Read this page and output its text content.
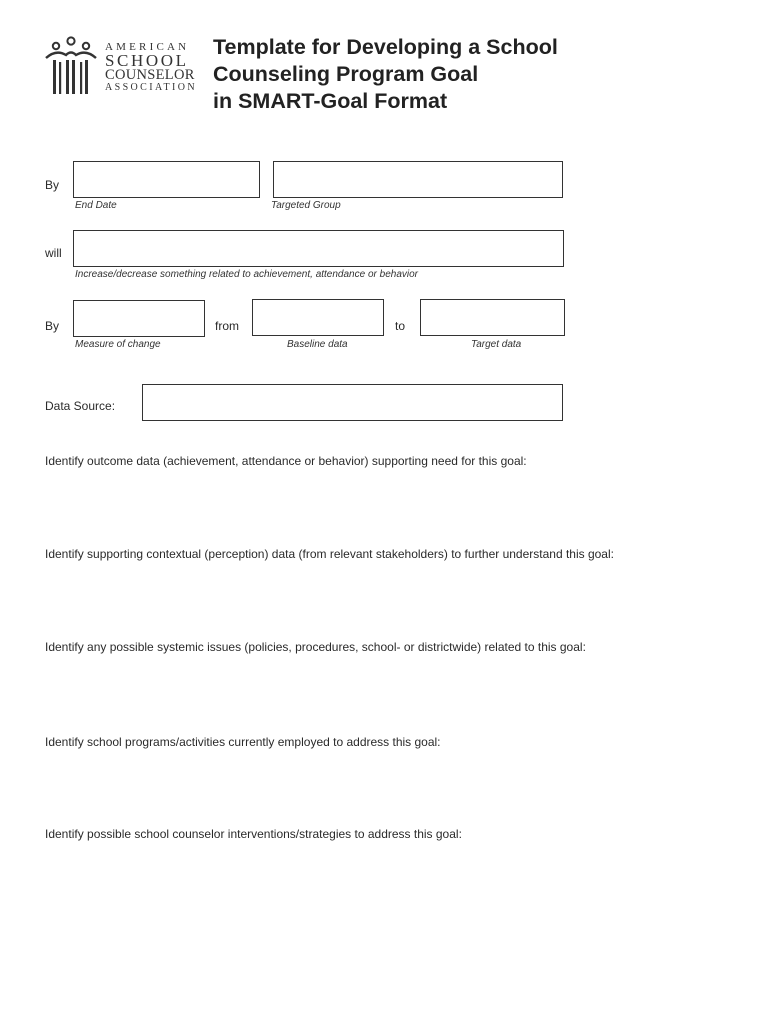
AMERICAN
SCHOOL
COUNSELOR
ASSOCIATION
Template for Developing a School
Counseling Program Goal
in SMART-Goal Format
By
End Date	Targeted Group
will
Increase/decrease something related to achievement, attendance or behavior
By	from	to
Measure of change	Baseline data	Target data
Data Source:
Identify outcome data (achievement, attendance or behavior) supporting need for this goal:
Identify supporting contextual (perception) data (from relevant stakeholders) to further understand this goal:
Identify any possible systemic issues (policies, procedures, school- or districtwide) related to this goal:
Identify school programs/activities currently employed to address this goal:
Identify possible school counselor interventions/strategies to address this goal:
